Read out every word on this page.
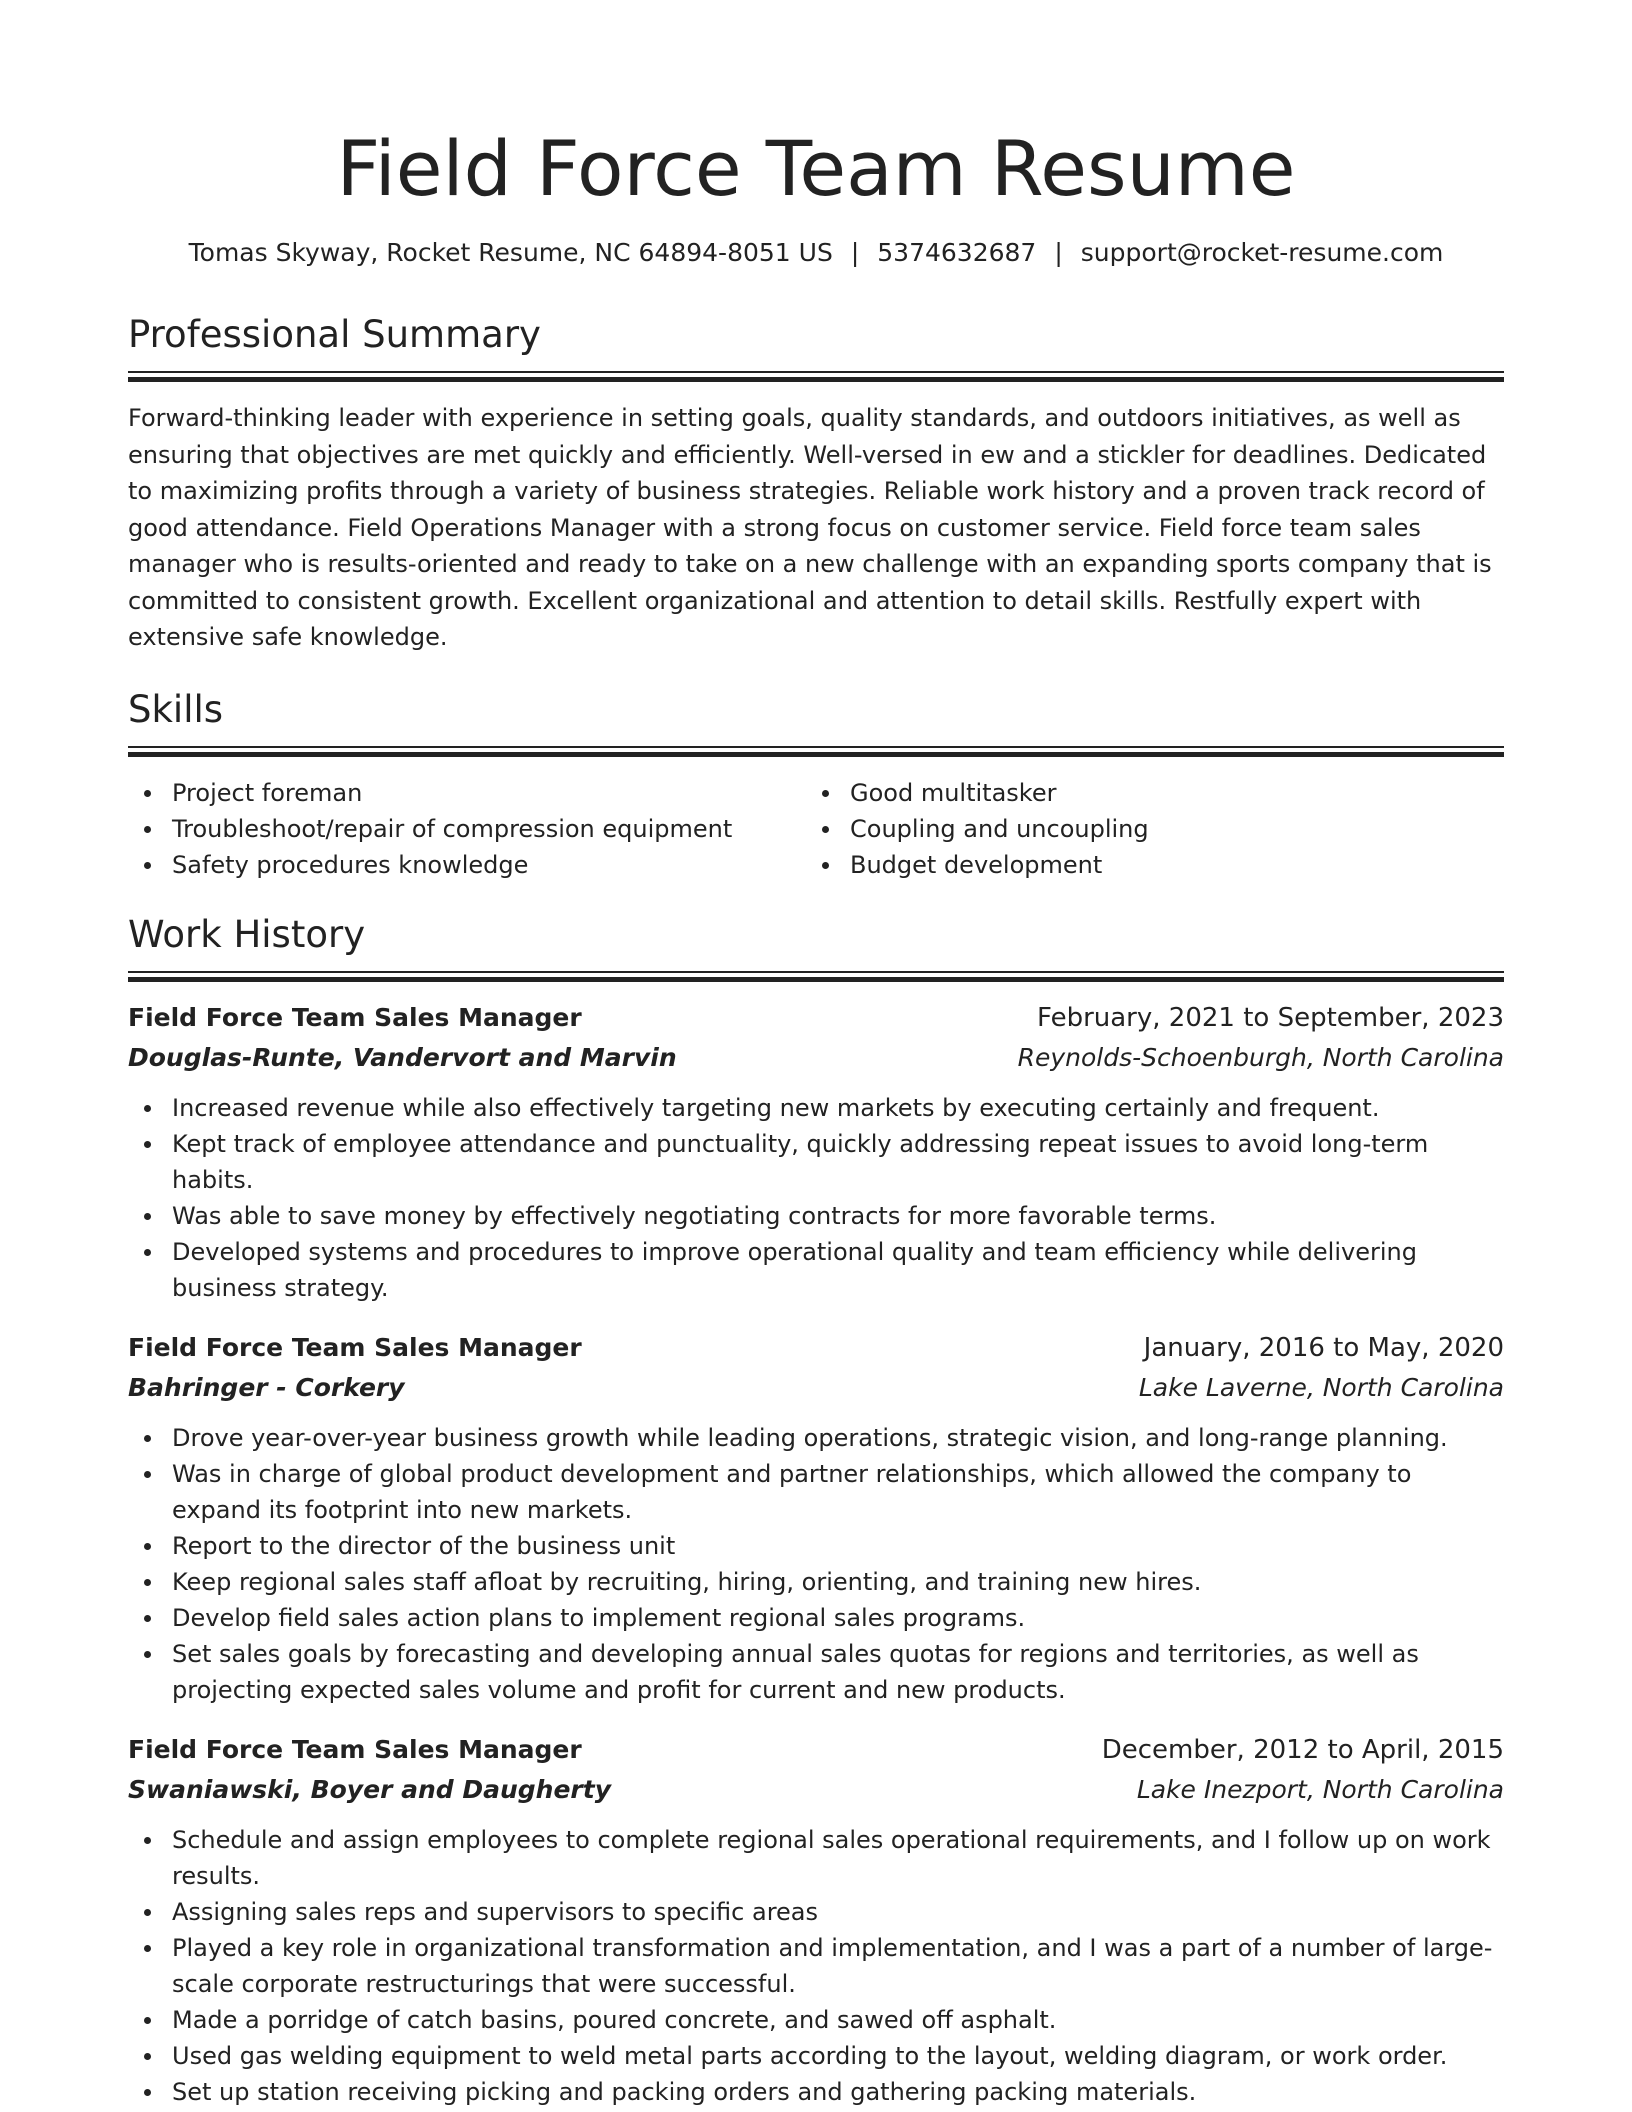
Field Force Team Resume
Tomas Skyway, Rocket Resume, NC 64894-8051 US | 5374632687 | support@rocket-resume.com
Professional Summary

Forward-thinking leader with experience in setting goals, quality standards, and outdoors initiatives, as well as ensuring that objectives are met quickly and efficiently. Well-versed in ew and a stickler for deadlines. Dedicated to maximizing profits through a variety of business strategies. Reliable work history and a proven track record of good attendance. Field Operations Manager with a strong focus on customer service. Field force team sales manager who is results-oriented and ready to take on a new challenge with an expanding sports company that is committed to consistent growth. Excellent organizational and attention to detail skills. Restfully expert with extensive safe knowledge.

Skills
Project foreman
Troubleshoot/repair of compression equipment
Safety procedures knowledge
Good multitasker
Coupling and uncoupling
Budget development
Work History
Field Force Team Sales Manager	February, 2021 to September, 2023
Douglas-Runte, Vandervort and Marvin	Reynolds-Schoenburgh, North Carolina
Increased revenue while also effectively targeting new markets by executing certainly and frequent.
Kept track of employee attendance and punctuality, quickly addressing repeat issues to avoid long-term habits.
Was able to save money by effectively negotiating contracts for more favorable terms.
Developed systems and procedures to improve operational quality and team efficiency while delivering business strategy.
Field Force Team Sales Manager	January, 2016 to May, 2020
Bahringer - Corkery	Lake Laverne, North Carolina
Drove year-over-year business growth while leading operations, strategic vision, and long-range planning.
Was in charge of global product development and partner relationships, which allowed the company to expand its footprint into new markets.
Report to the director of the business unit
Keep regional sales staff afloat by recruiting, hiring, orienting, and training new hires.
Develop field sales action plans to implement regional sales programs.
Set sales goals by forecasting and developing annual sales quotas for regions and territories, as well as projecting expected sales volume and profit for current and new products.
Field Force Team Sales Manager	December, 2012 to April, 2015
Swaniawski, Boyer and Daugherty	Lake Inezport, North Carolina
Schedule and assign employees to complete regional sales operational requirements, and I follow up on work results.
Assigning sales reps and supervisors to specific areas
Played a key role in organizational transformation and implementation, and I was a part of a number of large-scale corporate restructurings that were successful.
Made a porridge of catch basins, poured concrete, and sawed off asphalt.
Used gas welding equipment to weld metal parts according to the layout, welding diagram, or work order.
Set up station receiving picking and packing orders and gathering packing materials.
